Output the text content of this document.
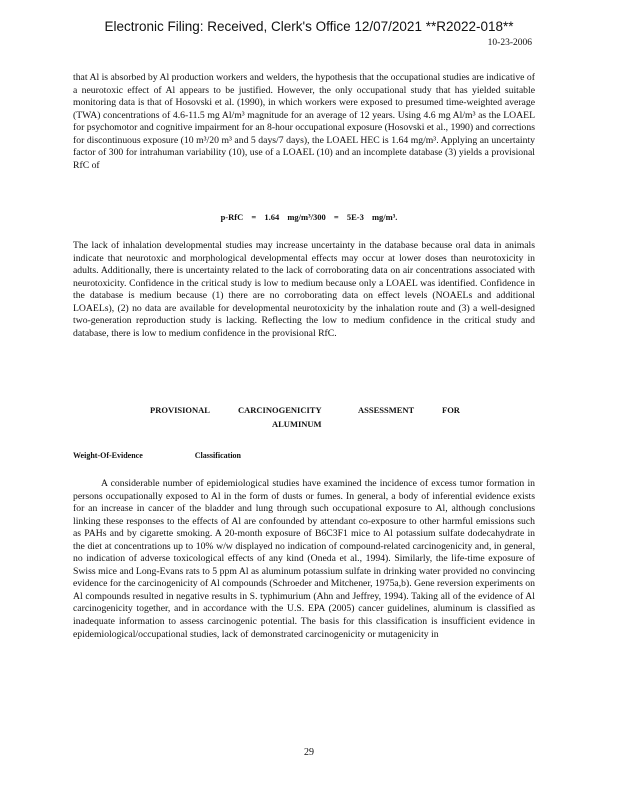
Electronic Filing: Received, Clerk's Office 12/07/2021 **R2022-018**
10-23-2006

that Al is absorbed by Al production workers and welders, the hypothesis that the occupational studies are indicative of a neurotoxic effect of Al appears to be justified. However, the only occupational study that has yielded suitable monitoring data is that of Hosovski et al. (1990), in which workers were exposed to presumed time-weighted average (TWA) concentrations of 4.6-11.5 mg Al/m³ magnitude for an average of 12 years. Using 4.6 mg Al/m³ as the LOAEL for psychomotor and cognitive impairment for an 8-hour occupational exposure (Hosovski et al., 1990) and corrections for discontinuous exposure (10 m³/20 m³ and 5 days/7 days), the LOAEL HEC is 1.64 mg/m³. Applying an uncertainty factor of 300 for intrahuman variability (10), use of a LOAEL (10) and an incomplete database (3) yields a provisional RfC of

p-RfC = 1.64 mg/m³/300 = 5E-3 mg/m³.

The lack of inhalation developmental studies may increase uncertainty in the database because oral data in animals indicate that neurotoxic and morphological developmental effects may occur at lower doses than neurotoxicity in adults. Additionally, there is uncertainty related to the lack of corroborating data on air concentrations associated with neurotoxicity. Confidence in the critical study is low to medium because only a LOAEL was identified. Confidence in the database is medium because (1) there are no corroborating data on effect levels (NOAELs and additional LOAELs), (2) no data are available for developmental neurotoxicity by the inhalation route and (3) a well-designed two-generation reproduction study is lacking. Reflecting the low to medium confidence in the critical study and database, there is low to medium confidence in the provisional RfC.

PROVISIONAL	CARCINOGENICITY	ASSESSMENT	FOR
ALUMINUM
Weight-Of-Evidence	Classification

A considerable number of epidemiological studies have examined the incidence of excess tumor formation in persons occupationally exposed to Al in the form of dusts or fumes. In general, a body of inferential evidence exists for an increase in cancer of the bladder and lung through such occupational exposure to Al, although conclusions linking these responses to the effects of Al are confounded by attendant co-exposure to other harmful emissions such as PAHs and by cigarette smoking. A 20-month exposure of B6C3F1 mice to Al potassium sulfate dodecahydrate in the diet at concentrations up to 10% w/w displayed no indication of compound-related carcinogenicity and, in general, no indication of adverse toxicological effects of any kind (Oneda et al., 1994). Similarly, the life-time exposure of Swiss mice and Long-Evans rats to 5 ppm Al as aluminum potassium sulfate in drinking water provided no convincing evidence for the carcinogenicity of Al compounds (Schroeder and Mitchener, 1975a,b). Gene reversion experiments on Al compounds resulted in negative results in S. typhimurium (Ahn and Jeffrey, 1994). Taking all of the evidence of Al carcinogenicity together, and in accordance with the U.S. EPA (2005) cancer guidelines, aluminum is classified as inadequate information to assess carcinogenic potential. The basis for this classification is insufficient evidence in epidemiological/occupational studies, lack of demonstrated carcinogenicity or mutagenicity in

29
